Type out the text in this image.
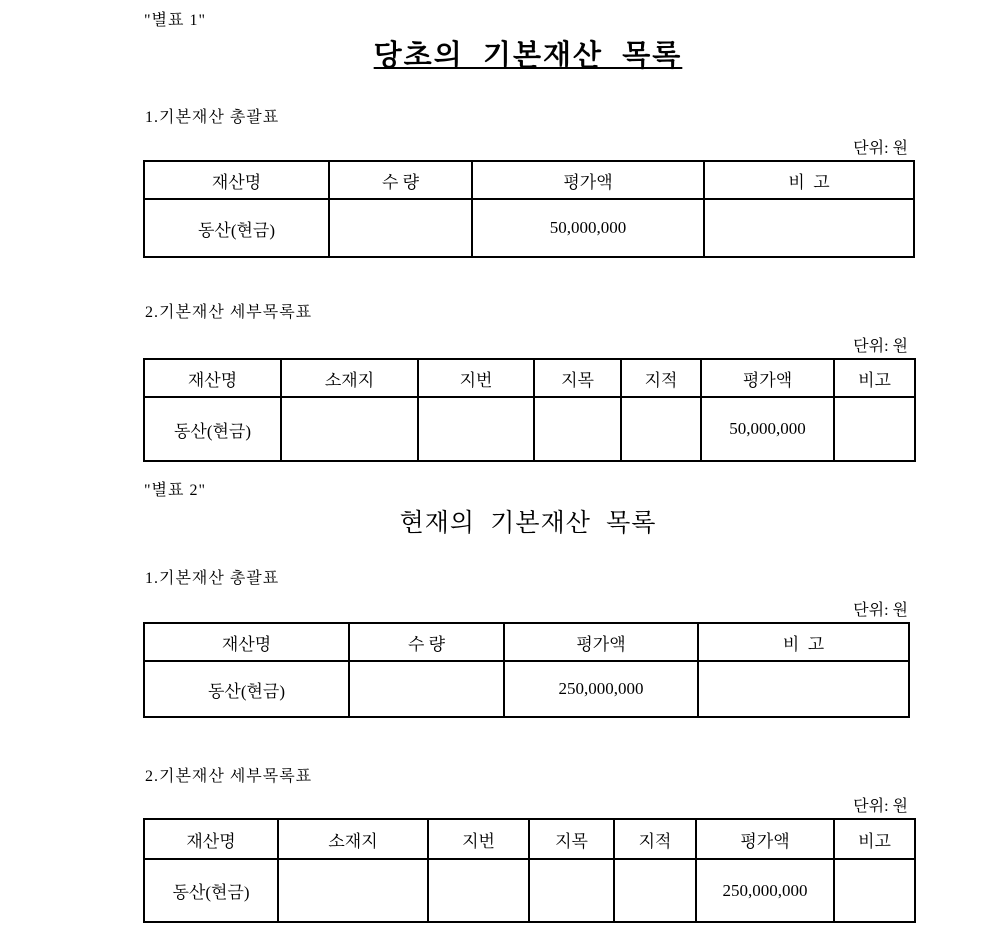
"별표 1"
당초의 기본재산 목록
1.기본재산 총괄표
단위: 원
재산명	수 량	평가액	비  고
동산(현금)		50,000,000	
2.기본재산 세부목록표
단위: 원
재산명	소재지	지번	지목	지적	평가액	비고
동산(현금)					50,000,000	
"별표 2"
현재의 기본재산 목록
1.기본재산 총괄표
단위: 원
재산명	수 량	평가액	비  고
동산(현금)		250,000,000	
2.기본재산 세부목록표
단위: 원
재산명	소재지	지번	지목	지적	평가액	비고
동산(현금)					250,000,000	
